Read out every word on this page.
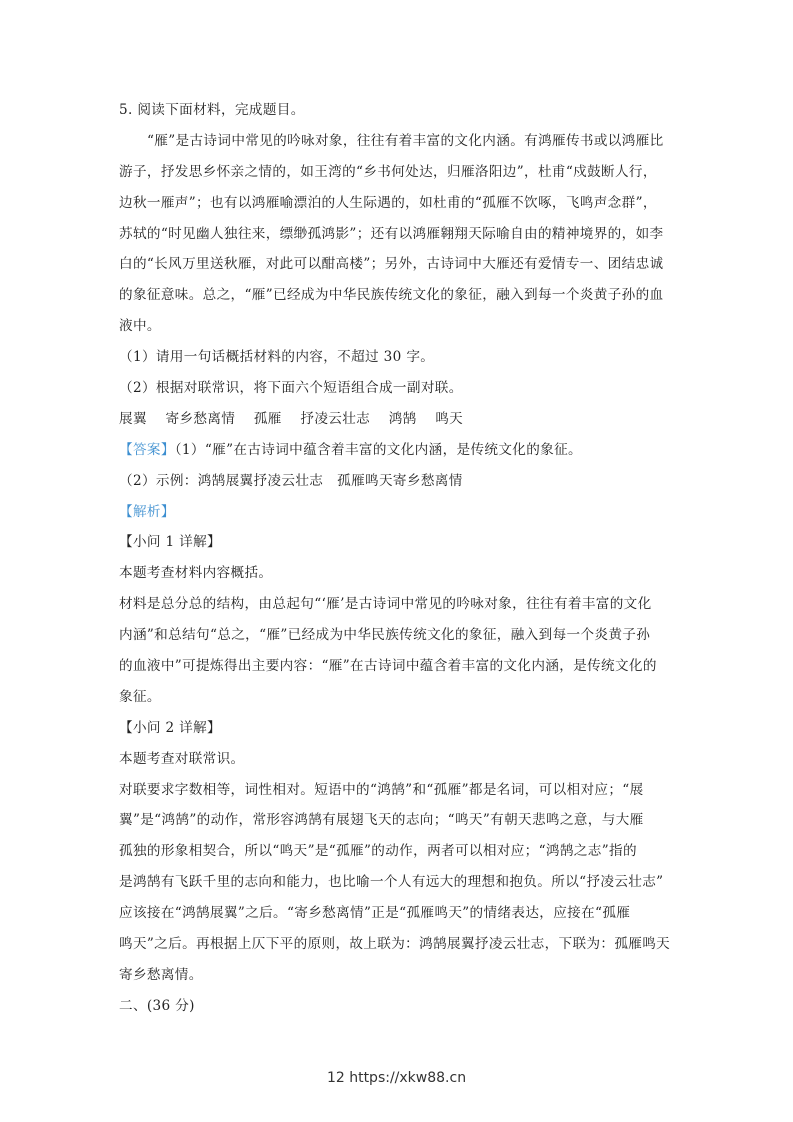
5. 阅读下面材料，完成题目。
“雁”是古诗词中常见的吟咏对象，往往有着丰富的文化内涵。有鸿雁传书或以鸿雁比
游子，抒发思乡怀亲之情的，如王湾的“乡书何处达，归雁洛阳边”，杜甫“戍鼓断人行，
边秋一雁声”；也有以鸿雁喻漂泊的人生际遇的，如杜甫的“孤雁不饮啄，飞鸣声念群”，
苏轼的“时见幽人独往来，缥缈孤鸿影”；还有以鸿雁翱翔天际喻自由的精神境界的，如李
白的“长风万里送秋雁，对此可以酣高楼”；另外，古诗词中大雁还有爱情专一、团结忠诚
的象征意味。总之，“雁”已经成为中华民族传统文化的象征，融入到每一个炎黄子孙的血
液中。
（1）请用一句话概括材料的内容，不超过 30 字。
（2）根据对联常识，将下面六个短语组合成一副对联。
展翼  寄乡愁离情  孤雁  抒凌云壮志  鸿鹄  鸣天
【答案】（1）“雁”在古诗词中蕴含着丰富的文化内涵，是传统文化的象征。
（2）示例：鸿鹄展翼抒凌云壮志　孤雁鸣天寄乡愁离情
【解析】
【小问 1 详解】
本题考查材料内容概括。
材料是总分总的结构，由总起句“‘雁’是古诗词中常见的吟咏对象，往往有着丰富的文化
内涵”和总结句“总之，“雁”已经成为中华民族传统文化的象征，融入到每一个炎黄子孙
的血液中”可提炼得出主要内容：“雁”在古诗词中蕴含着丰富的文化内涵，是传统文化的
象征。
【小问 2 详解】
本题考查对联常识。
对联要求字数相等，词性相对。短语中的“鸿鹄”和“孤雁”都是名词，可以相对应；“展
翼”是“鸿鹄”的动作，常形容鸿鹄有展翅飞天的志向；“鸣天”有朝天悲鸣之意，与大雁
孤独的形象相契合，所以“鸣天”是“孤雁”的动作，两者可以相对应；“鸿鹄之志”指的
是鸿鹄有飞跃千里的志向和能力，也比喻一个人有远大的理想和抱负。所以“抒凌云壮志”
应该接在“鸿鹄展翼”之后。“寄乡愁离情”正是“孤雁鸣天”的情绪表达，应接在“孤雁
鸣天”之后。再根据上仄下平的原则，故上联为：鸿鹄展翼抒凌云壮志，下联为：孤雁鸣天
寄乡愁离情。
二、(36 分)
12 https://xkw88.cn
